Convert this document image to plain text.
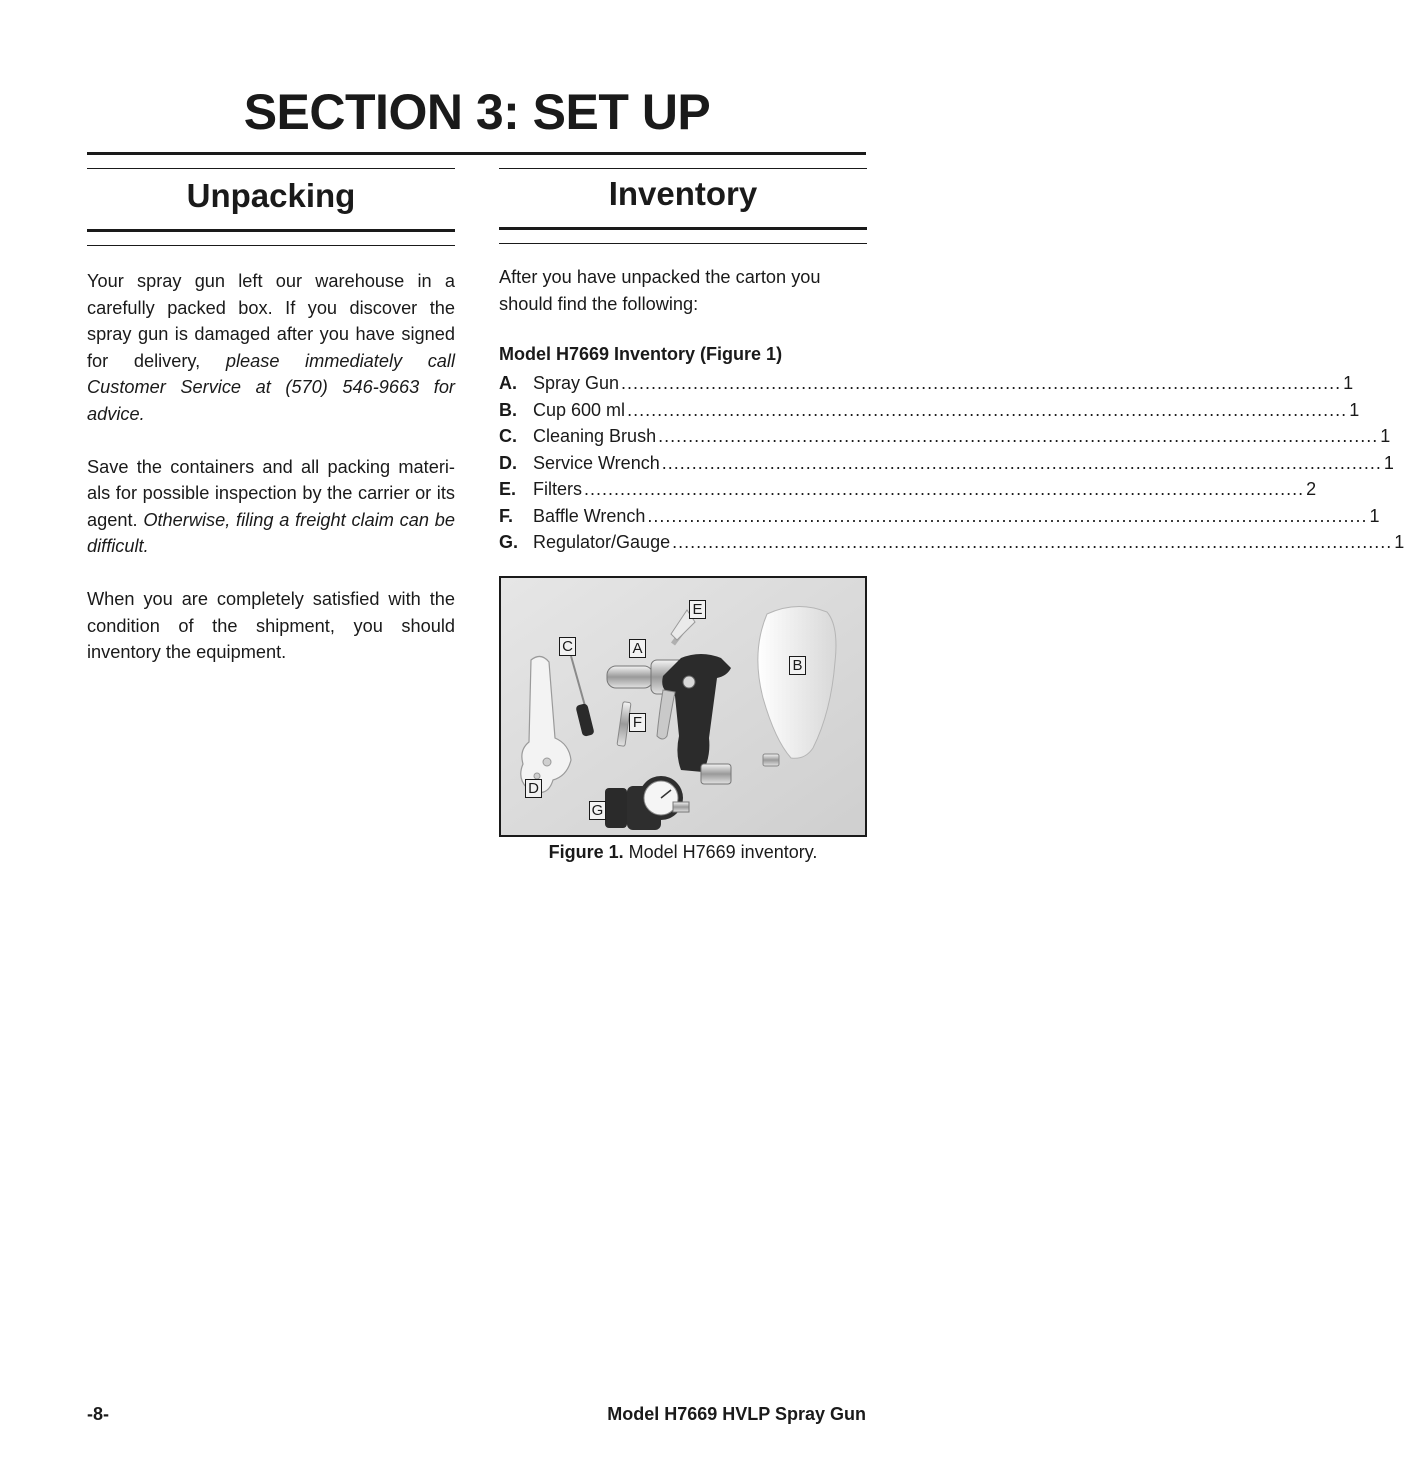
SECTION 3: SET UP
Unpacking

Your spray gun left our warehouse in a carefully packed box. If you discover the spray gun is damaged after you have signed for delivery, please immediately call Customer Service at (570) 546-9663 for advice.

Save the containers and all packing materi-als for possible inspection by the carrier or its agent. Otherwise, filing a freight claim can be difficult.

When you are completely satisfied with the condition of the shipment, you should inventory the equipment.

Inventory

After you have unpacked the carton you should find the following:

Model H7669 Inventory (Figure 1)

A. Spray Gun ........................................................................................................................ 1
B. Cup 600 ml ........................................................................................................................ 1
C. Cleaning Brush ........................................................................................................................ 1
D. Service Wrench ........................................................................................................................ 1
E. Filters ........................................................................................................................ 2
F.	Baffle Wrench ........................................................................................................................ 1
G. Regulator/Gauge ........................................................................................................................ 1
E
C	A
B
F
D
G

Figure 1. Model H7669 inventory.

-8-	Model H7669 HVLP Spray Gun
